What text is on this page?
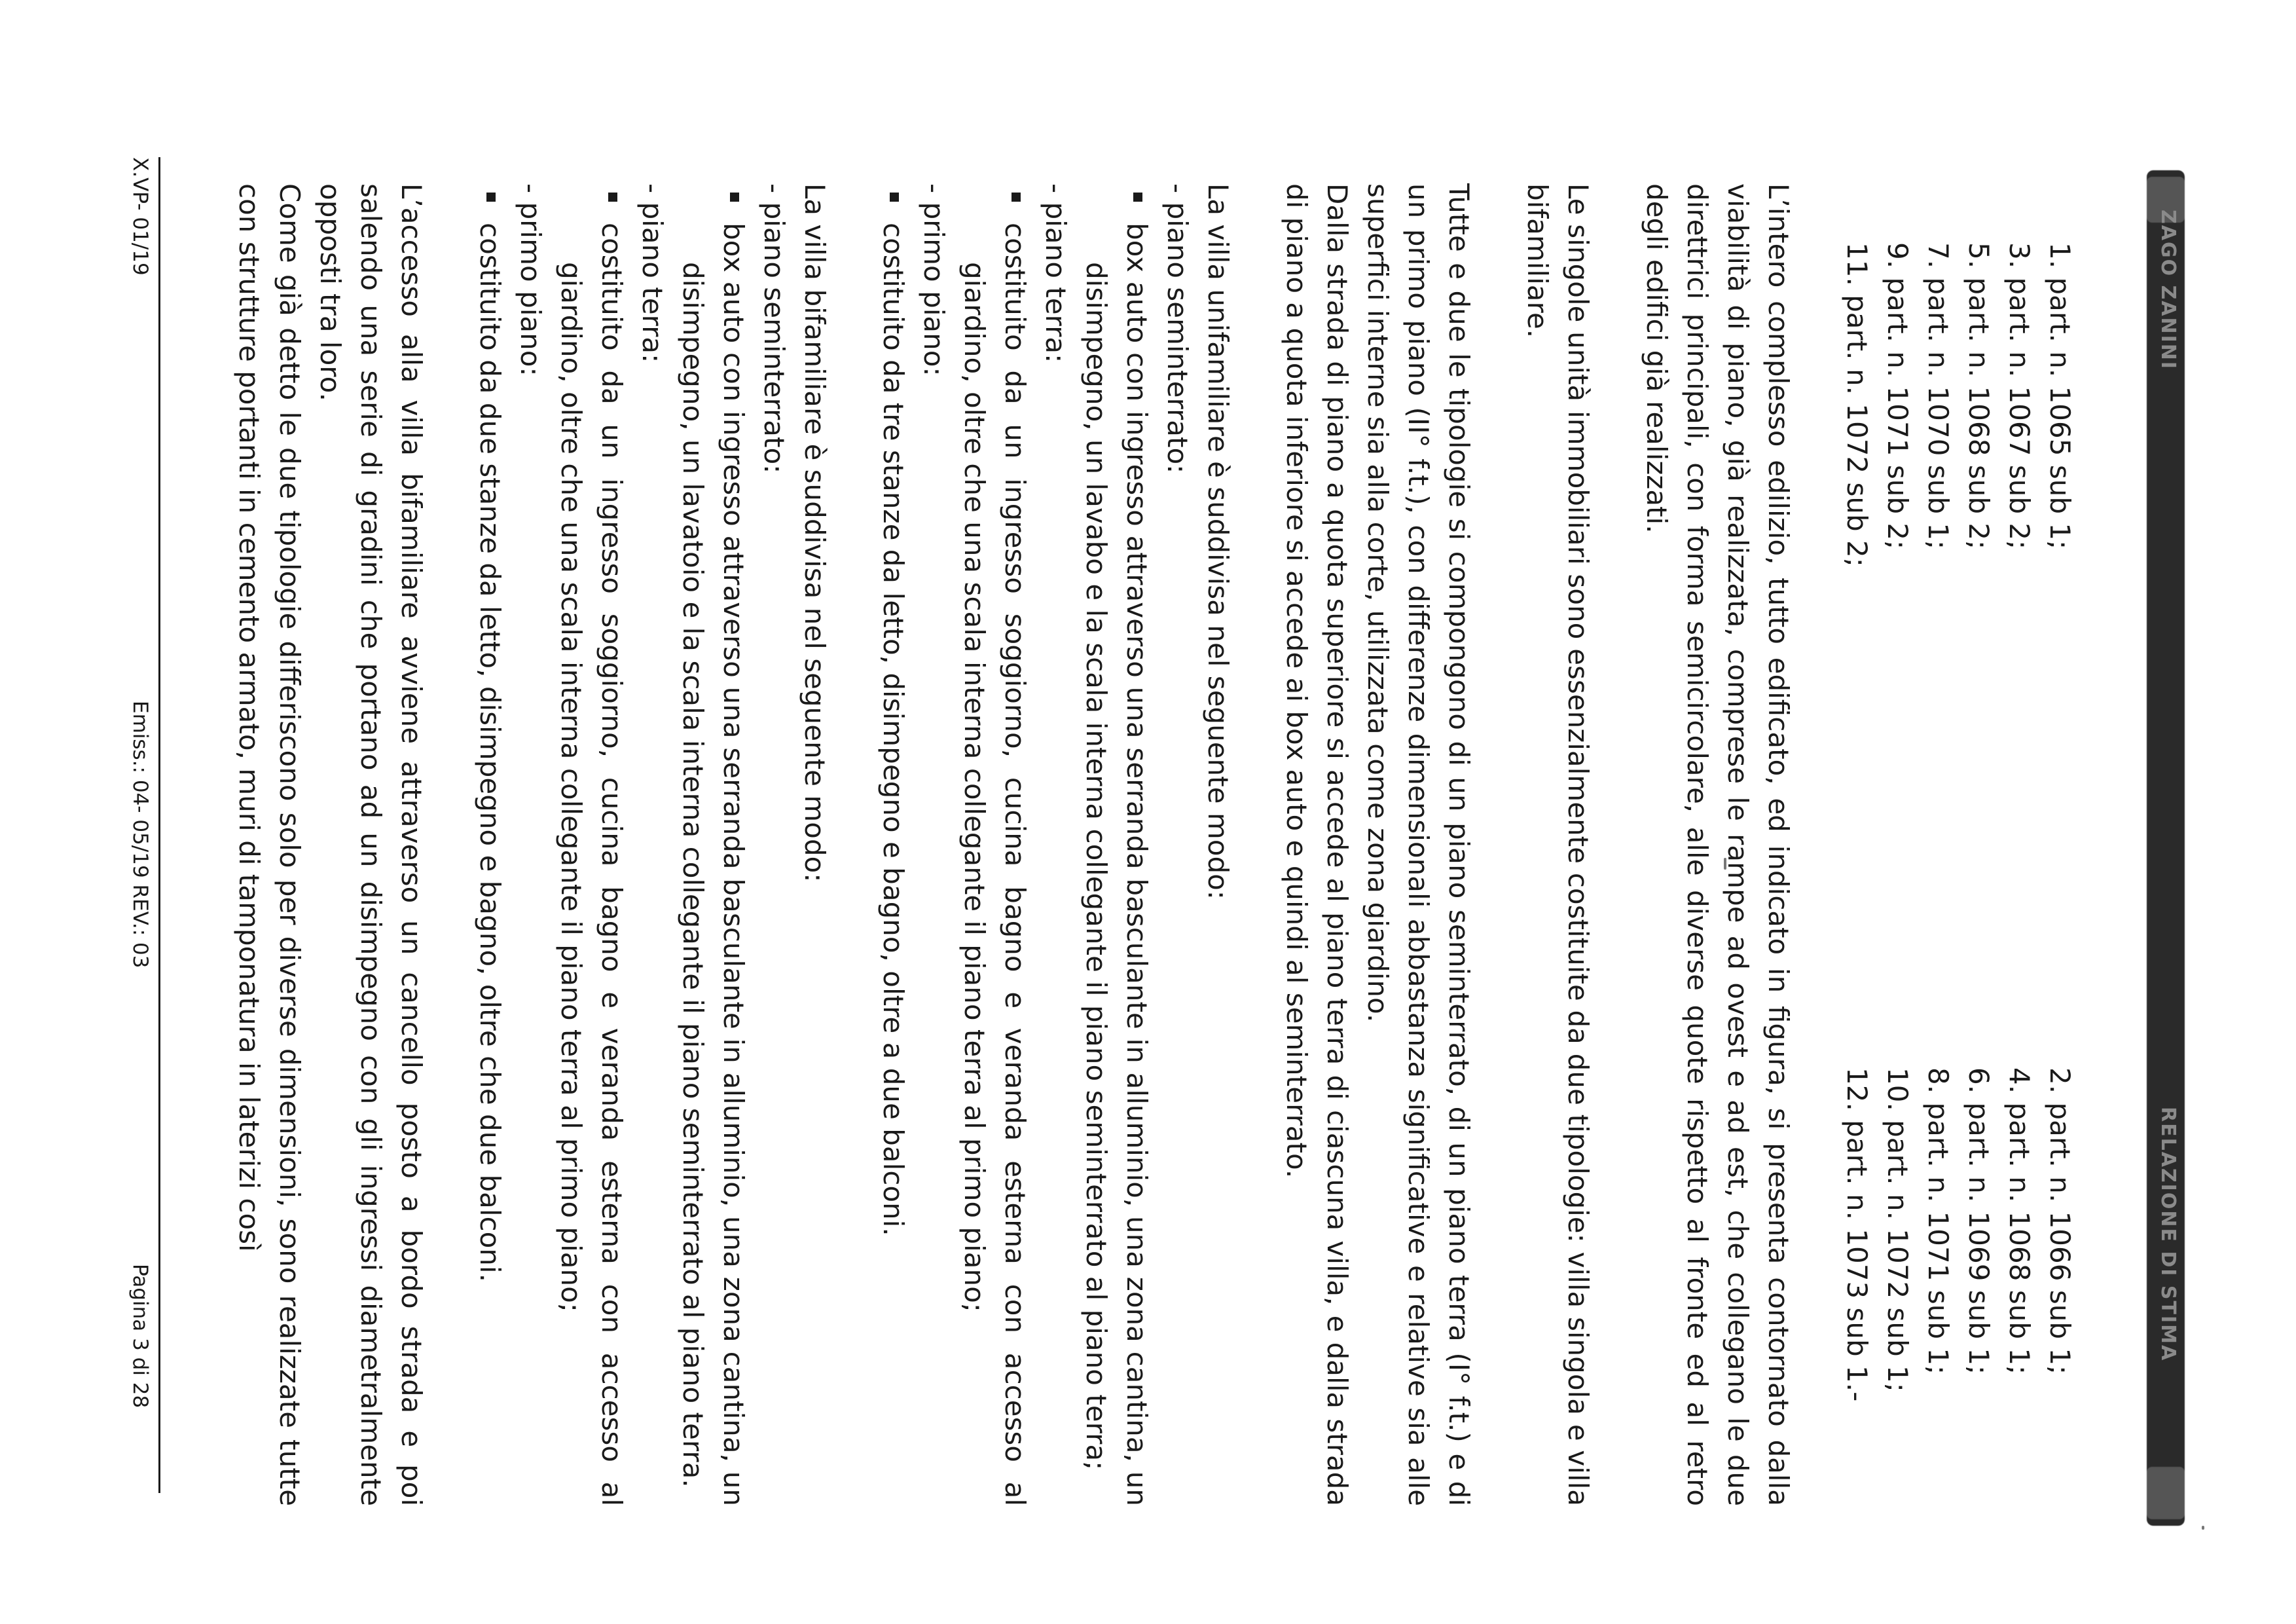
ZAGO ZANINI
RELAZIONE DI STIMA
1. part. n. 1065 sub 1;
2. part. n. 1066 sub 1;
3. part. n. 1067 sub 2;
4. part. n. 1068 sub 1;
5. part. n. 1068 sub 2;
6. part. n. 1069 sub 1;
7. part. n. 1070 sub 1;
8. part. n. 1071 sub 1;
9. part. n. 1071 sub 2;
10. part. n. 1072 sub 1;
11. part. n. 1072 sub 2;
12. part. n. 1073 sub 1.-

L’intero complesso edilizio, tutto edificato, ed indicato in figura, si presenta contornato dalla viabilità di piano, già realizzata, comprese le rampe ad ovest e ad est, che collegano le due direttrici principali, con forma semicircolare, alle diverse quote rispetto al fronte ed al retro degli edifici già realizzati.

Le singole unità immobiliari sono essenzialmente costituite da due tipologie: villa singola e villa bifamiliare.

Tutte e due le tipologie si compongono di un piano seminterrato, di un piano terra (I° f.t.) e di un primo piano (II° f.t.), con differenze dimensionali abbastanza significative e relative sia alle superfici interne sia alla corte, utilizzata come zona giardino.

Dalla strada di piano a quota superiore si accede al piano terra di ciascuna villa, e dalla strada di piano a quota inferiore si accede ai box auto e quindi al seminterrato.

La villa unifamiliare è suddivisa nel seguente modo:

- piano seminterrato:

box auto con ingresso attraverso una serranda basculante in alluminio, una zona cantina, un disimpegno, un lavabo e la scala interna collegante il piano seminterrato al piano terra;

- piano terra:

costituito da un ingresso soggiorno, cucina bagno e veranda esterna con accesso al giardino, oltre che una scala interna collegante il piano terra al primo piano;

- primo piano:

costituito da tre stanze da letto, disimpegno e bagno, oltre a due balconi.

La villa bifamiliare è suddivisa nel seguente modo:

- piano seminterrato:

box auto con ingresso attraverso una serranda basculante in alluminio, una zona cantina, un disimpegno, un lavatoio e la scala interna collegante il piano seminterrato al piano terra.

- piano terra:

costituito da un ingresso soggiorno, cucina bagno e veranda esterna con accesso al giardino, oltre che una scala interna collegante il piano terra al primo piano;

- primo piano:

costituito da due stanze da letto, disimpegno e bagno, oltre che due balconi.

L’accesso alla villa bifamiliare avviene attraverso un cancello posto a bordo strada e poi salendo una serie di gradini che portano ad un disimpegno con gli ingressi diametralmente opposti tra loro.

Come già detto le due tipologie differiscono solo per diverse dimensioni, sono realizzate tutte con strutture portanti in cemento armato, muri di tamponatura in laterizi così

X.VP- 01/19
Emiss.: 04- 05/19 REV.: 03
Pagina 3 di 28
